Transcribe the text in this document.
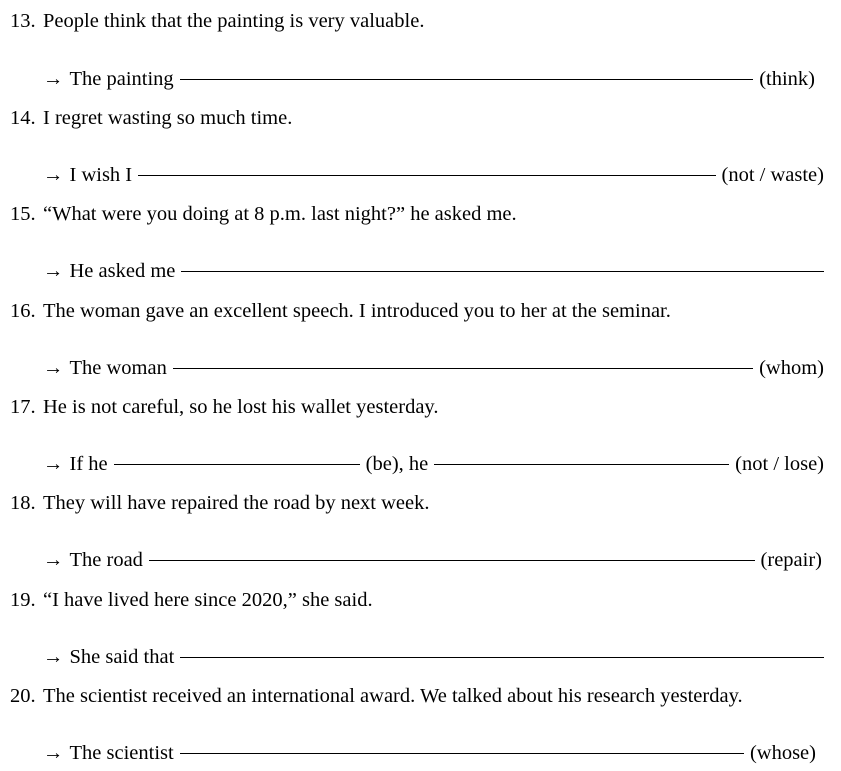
13. People think that the painting is very valuable.
→ The painting	(think)
14. I regret wasting so much time.
→ I wish I	(not / waste)
15. “What were you doing at 8 p.m. last night?” he asked me.
→ He asked me
16. The woman gave an excellent speech. I introduced you to her at the seminar.
→ The woman	(whom)
17. He is not careful, so he lost his wallet yesterday.
→ If he	(be), he	(not / lose)
18. They will have repaired the road by next week.
→ The road	(repair)
19. “I have lived here since 2020,” she said.
→ She said that
20. The scientist received an international award. We talked about his research yesterday.
→ The scientist	(whose)
